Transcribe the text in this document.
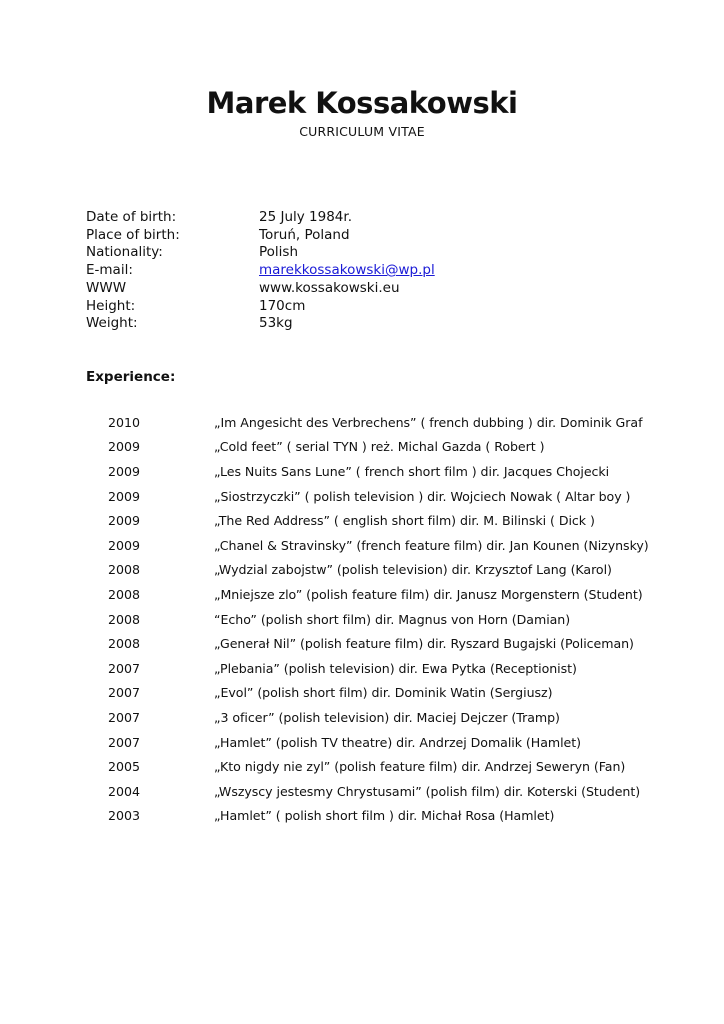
Marek Kossakowski
CURRICULUM VITAE
Date of birth:	25 July 1984r.
Place of birth:	Toruń, Poland
Nationality:	Polish
E-mail:	marekkossakowski@wp.pl
WWW	www.kossakowski.eu
Height:	170cm
Weight:	53kg
Experience:
2010	„Im Angesicht des Verbrechens” ( french dubbing ) dir. Dominik Graf
2009	„Cold feet” ( serial TYN ) reż. Michal Gazda ( Robert )
2009	„Les Nuits Sans Lune” ( french short film ) dir. Jacques Chojecki
2009	„Siostrzyczki” ( polish television ) dir. Wojciech Nowak ( Altar boy )
2009	„The Red Address” ( english short film) dir. M. Bilinski ( Dick )
2009	„Chanel & Stravinsky” (french feature film) dir. Jan Kounen (Nizynsky)
2008	„Wydzial zabojstw” (polish television) dir. Krzysztof Lang (Karol)
2008	„Mniejsze zlo” (polish feature film) dir. Janusz Morgenstern (Student)
2008	“Echo” (polish short film) dir. Magnus von Horn (Damian)
2008	„Generał Nil” (polish feature film) dir. Ryszard Bugajski (Policeman)
2007	„Plebania” (polish television) dir. Ewa Pytka (Receptionist)
2007	„Evol” (polish short film) dir. Dominik Watin (Sergiusz)
2007	„3 oficer” (polish television) dir. Maciej Dejczer (Tramp)
2007	„Hamlet” (polish TV theatre) dir. Andrzej Domalik (Hamlet)
2005	„Kto nigdy nie zyl” (polish feature film) dir. Andrzej Seweryn (Fan)
2004	„Wszyscy jestesmy Chrystusami” (polish film) dir. Koterski (Student)
2003	„Hamlet” ( polish short film ) dir. Michał Rosa (Hamlet)
